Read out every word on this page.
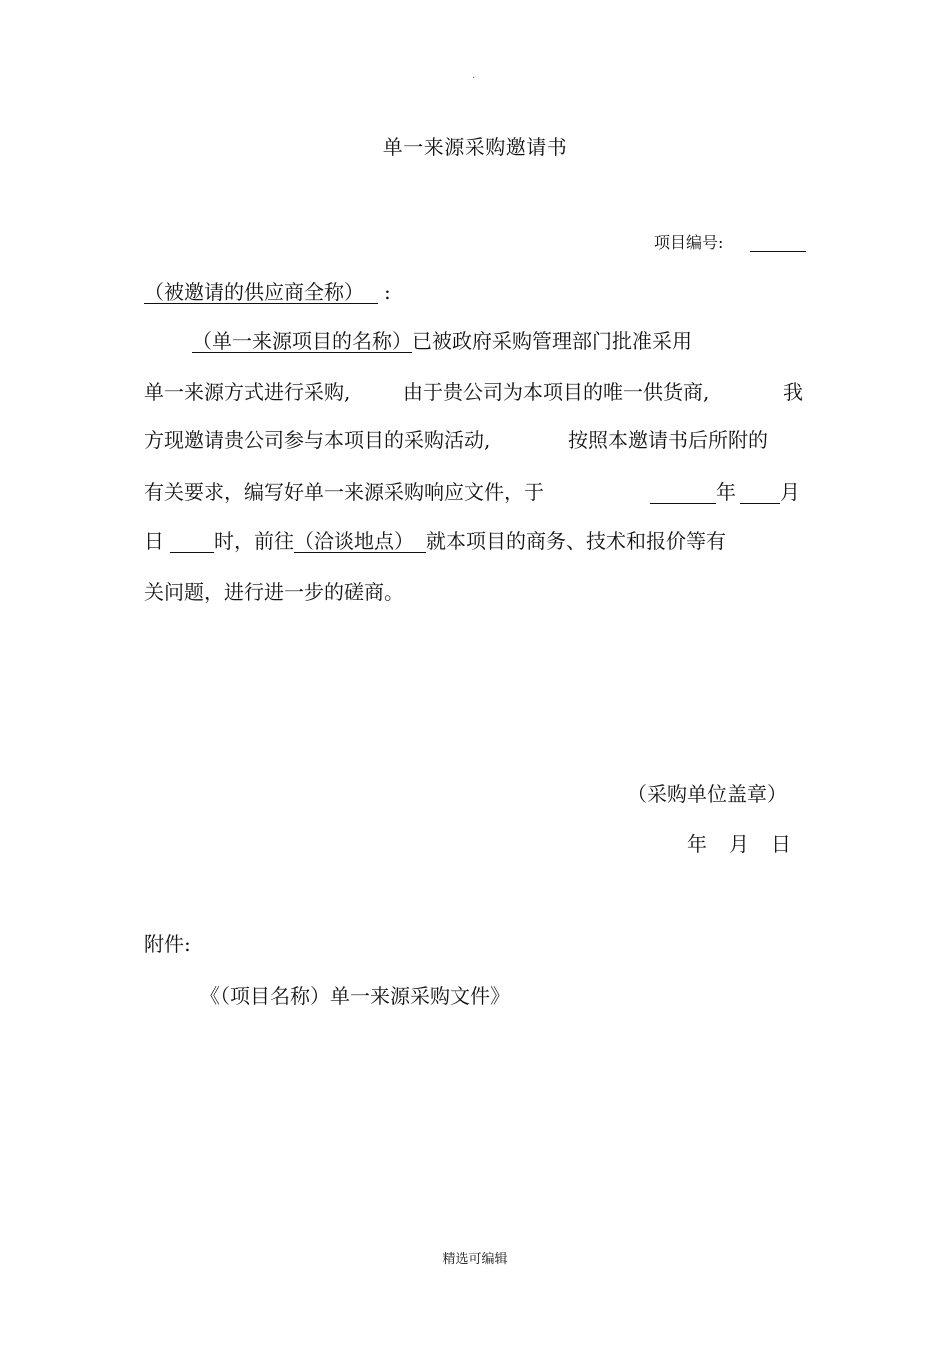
.
单一来源采购邀请书
项目编号:
（被邀请的供应商全称） :
（单一来源项目的名称）已被政府采购管理部门批准采用
单一来源方式进行采购,	由于贵公司为本项目的唯一供货商,	我
方现邀请贵公司参与本项目的采购活动,	按照本邀请书后所附的
有关要求，编写好单一来源采购响应文件，于	年 月
日	时，前往（洽谈地点） 就本项目的商务、技术和报价等有
关问题，进行进一步的磋商。
（采购单位盖章）
年 月 日
附件:
《（项目名称）单一来源采购文件》
精选可编辑
